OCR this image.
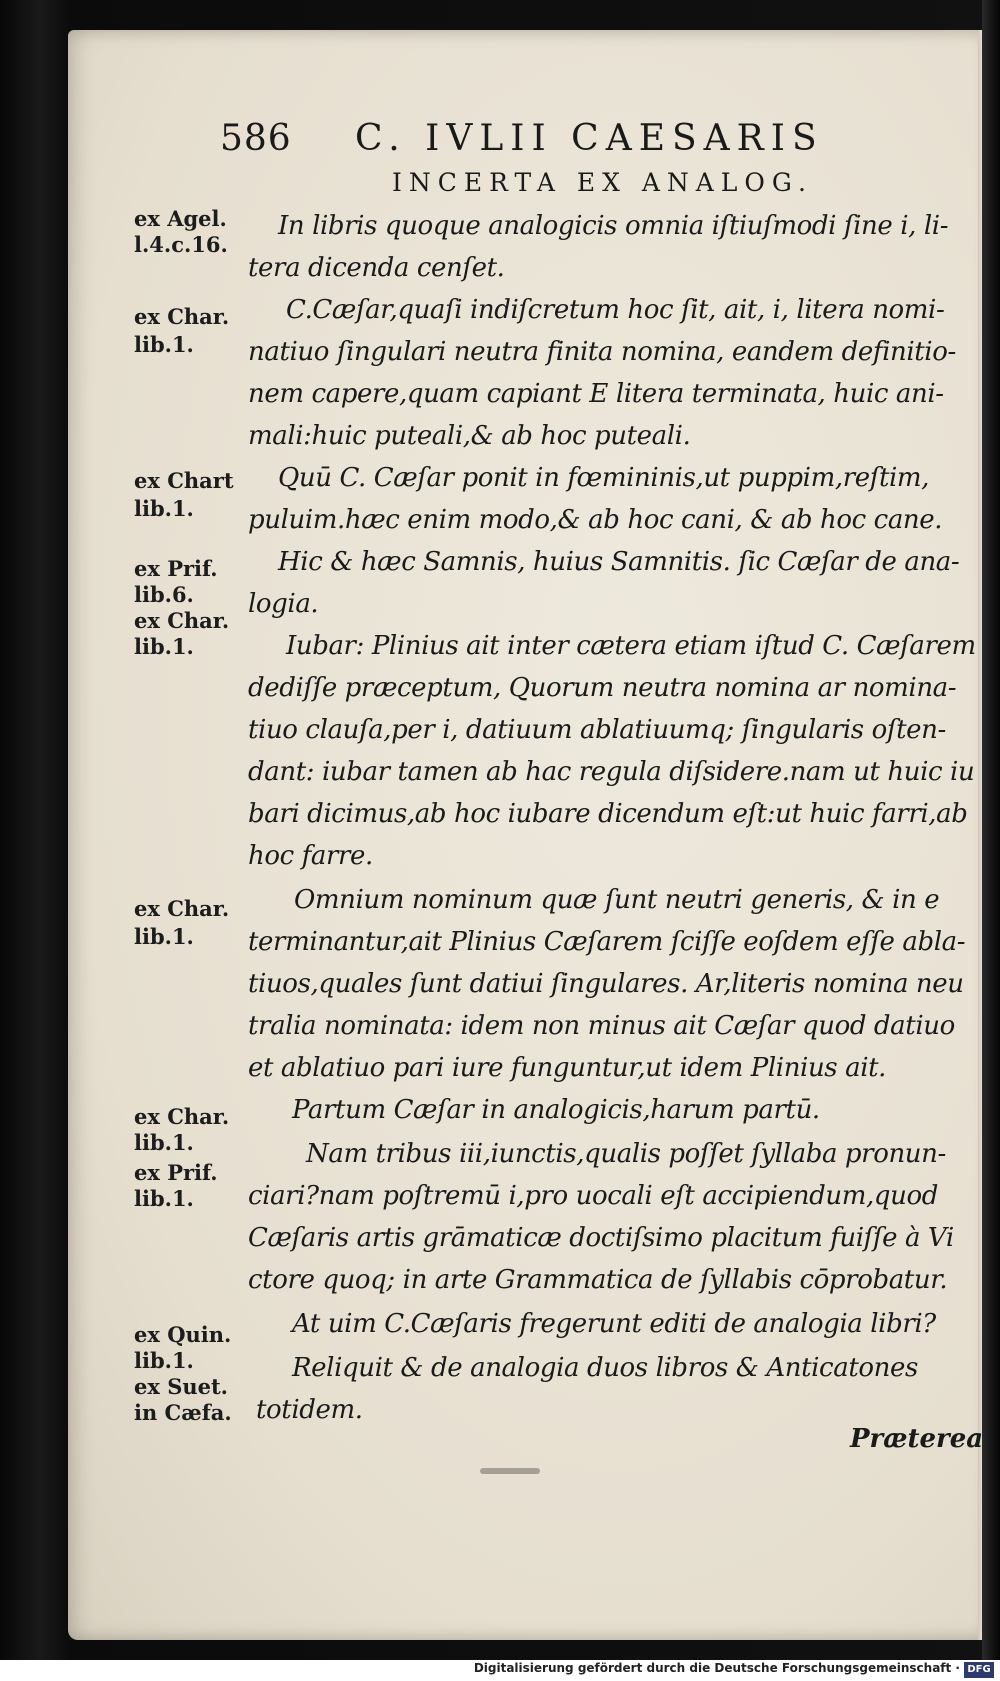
586 C. IVLII CAESARIS
INCERTA EX ANALOG.
ex Agel.
l.4.c.16.
ex Char.
lib.1.
ex Chart
lib.1.
ex Prif.
lib.6.
ex Char.
lib.1.
ex Char.
lib.1.
ex Char.
lib.1.
ex Prif.
lib.1.
ex Quin.
lib.1.
ex Suet.
in Cæfa.
In libris quoque analogicis omnia iſtiuſmodi ſine i, li-
tera dicenda cenſet.
C.Cæſar,quaſi indiſcretum hoc ſit, ait, i, litera nomi-
natiuo ſingulari neutra finita nomina, eandem definitio-
nem capere,quam capiant E litera terminata, huic ani-
mali:huic puteali,& ab hoc puteali.
Quū C. Cæſar ponit in fœmininis,ut puppim,reſtim,
puluim.hæc enim modo,& ab hoc cani, & ab hoc cane.
Hic & hæc Samnis, huius Samnitis. ſic Cæſar de ana-
logia.
Iubar: Plinius ait inter cætera etiam iſtud C. Cæſarem
dediſſe præceptum, Quorum neutra nomina ar nomina-
tiuo clauſa,per i, datiuum ablatiuumq; ſingularis oſten-
dant: iubar tamen ab hac regula diſsidere.nam ut huic iu
bari dicimus,ab hoc iubare dicendum eſt:ut huic farri,ab
hoc farre.
Omnium nominum quæ ſunt neutri generis, & in e
terminantur,ait Plinius Cæſarem ſciſſe eoſdem eſſe abla-
tiuos,quales ſunt datiui ſingulares. Ar,literis nomina neu
tralia nominata: idem non minus ait Cæſar quod datiuo
et ablatiuo pari iure funguntur,ut idem Plinius ait.
Partum Cæſar in analogicis,harum partū.
Nam tribus iii,iunctis,qualis poſſet ſyllaba pronun-
ciari?nam poſtremū i,pro uocali eſt accipiendum,quod
Cæſaris artis grāmaticæ doctiſsimo placitum fuiſſe à Vi
ctore quoq; in arte Grammatica de ſyllabis cōprobatur.
At uim C.Cæſaris fregerunt editi de analogia libri?
Reliquit & de analogia duos libros & Anticatones
totidem.
Præterea
Digitalisierung gefördert durch die Deutsche Forschungsgemeinschaft · DFG
